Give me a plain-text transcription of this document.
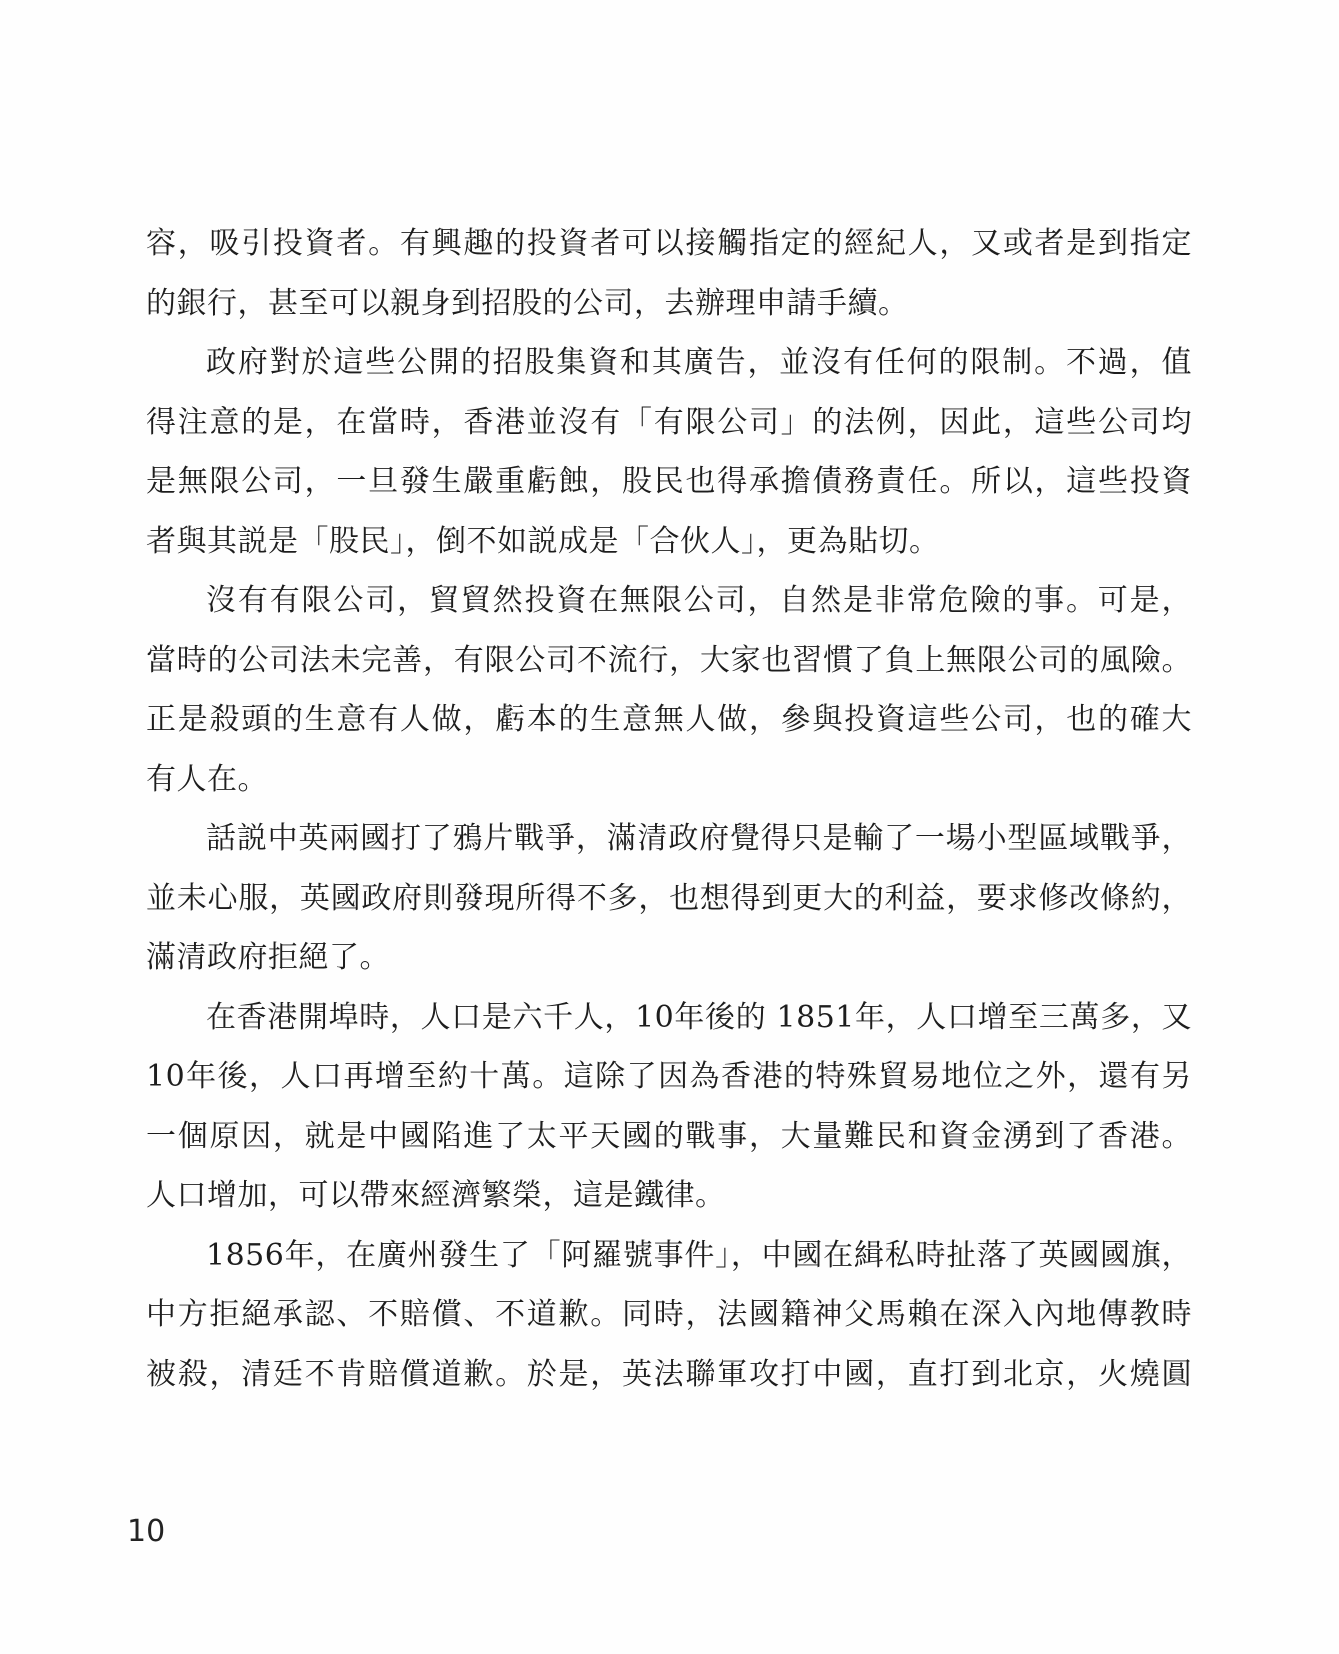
容，吸引投資者。有興趣的投資者可以接觸指定的經紀人，又或者是到指定
的銀行，甚至可以親身到招股的公司，去辦理申請手續。
政府對於這些公開的招股集資和其廣告，並沒有任何的限制。不過，值
得注意的是，在當時，香港並沒有「有限公司」的法例，因此，這些公司均
是無限公司，一旦發生嚴重虧蝕，股民也得承擔債務責任。所以，這些投資
者與其説是「股民」，倒不如説成是「合伙人」，更為貼切。
沒有有限公司，貿貿然投資在無限公司，自然是非常危險的事。可是，
當時的公司法未完善，有限公司不流行，大家也習慣了負上無限公司的風險。
正是殺頭的生意有人做，虧本的生意無人做，參與投資這些公司，也的確大
有人在。
話説中英兩國打了鴉片戰爭，滿清政府覺得只是輸了一場小型區域戰爭，
並未心服，英國政府則發現所得不多，也想得到更大的利益，要求修改條約，
滿清政府拒絕了。
在香港開埠時，人口是六千人，10年後的 1851年，人口增至三萬多，又
10年後，人口再增至約十萬。這除了因為香港的特殊貿易地位之外，還有另
一個原因，就是中國陷進了太平天國的戰事，大量難民和資金湧到了香港。
人口增加，可以帶來經濟繁榮，這是鐵律。
1856年，在廣州發生了「阿羅號事件」，中國在緝私時扯落了英國國旗，
中方拒絕承認、不賠償、不道歉。同時，法國籍神父馬賴在深入內地傳教時
被殺，清廷不肯賠償道歉。於是，英法聯軍攻打中國，直打到北京，火燒圓
10
